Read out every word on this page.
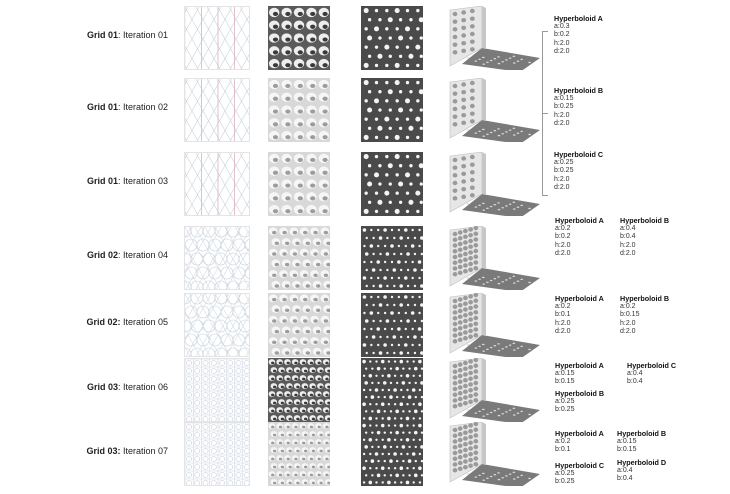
Grid 01: Iteration 01
Grid 01: Iteration 02
Grid 01: Iteration 03
Grid 02: Iteration 04
Grid 02: Iteration 05
Grid 03: Iteration 06
Grid 03: Iteration 07
Hyperboloid A
a:0.3
b:0.2
h:2.0
d:2.0
Hyperboloid B
a:0.15
b:0.25
h:2.0
d:2.0
Hyperboloid C
a:0.25
b:0.25
h:2.0
d:2.0
Hyperboloid A
a:0.2
b:0.2
h:2.0
d:2.0
Hyperboloid B
a:0.4
b:0.4
h:2.0
d:2.0
Hyperboloid A
a:0.2
b:0.1
h:2.0
d:2.0
Hyperboloid B
a:0.2
b:0.15
h:2.0
d:2.0
Hyperboloid A
a:0.15
b:0.15
Hyperboloid B
a:0.25
b:0.25
Hyperboloid C
a:0.4
b:0.4
Hyperboloid A
a:0.2
b:0.1
Hyperboloid B
a:0.15
b:0.15
Hyperboloid C
a:0.25
b:0.25
Hyperboloid D
a:0.4
b:0.4
